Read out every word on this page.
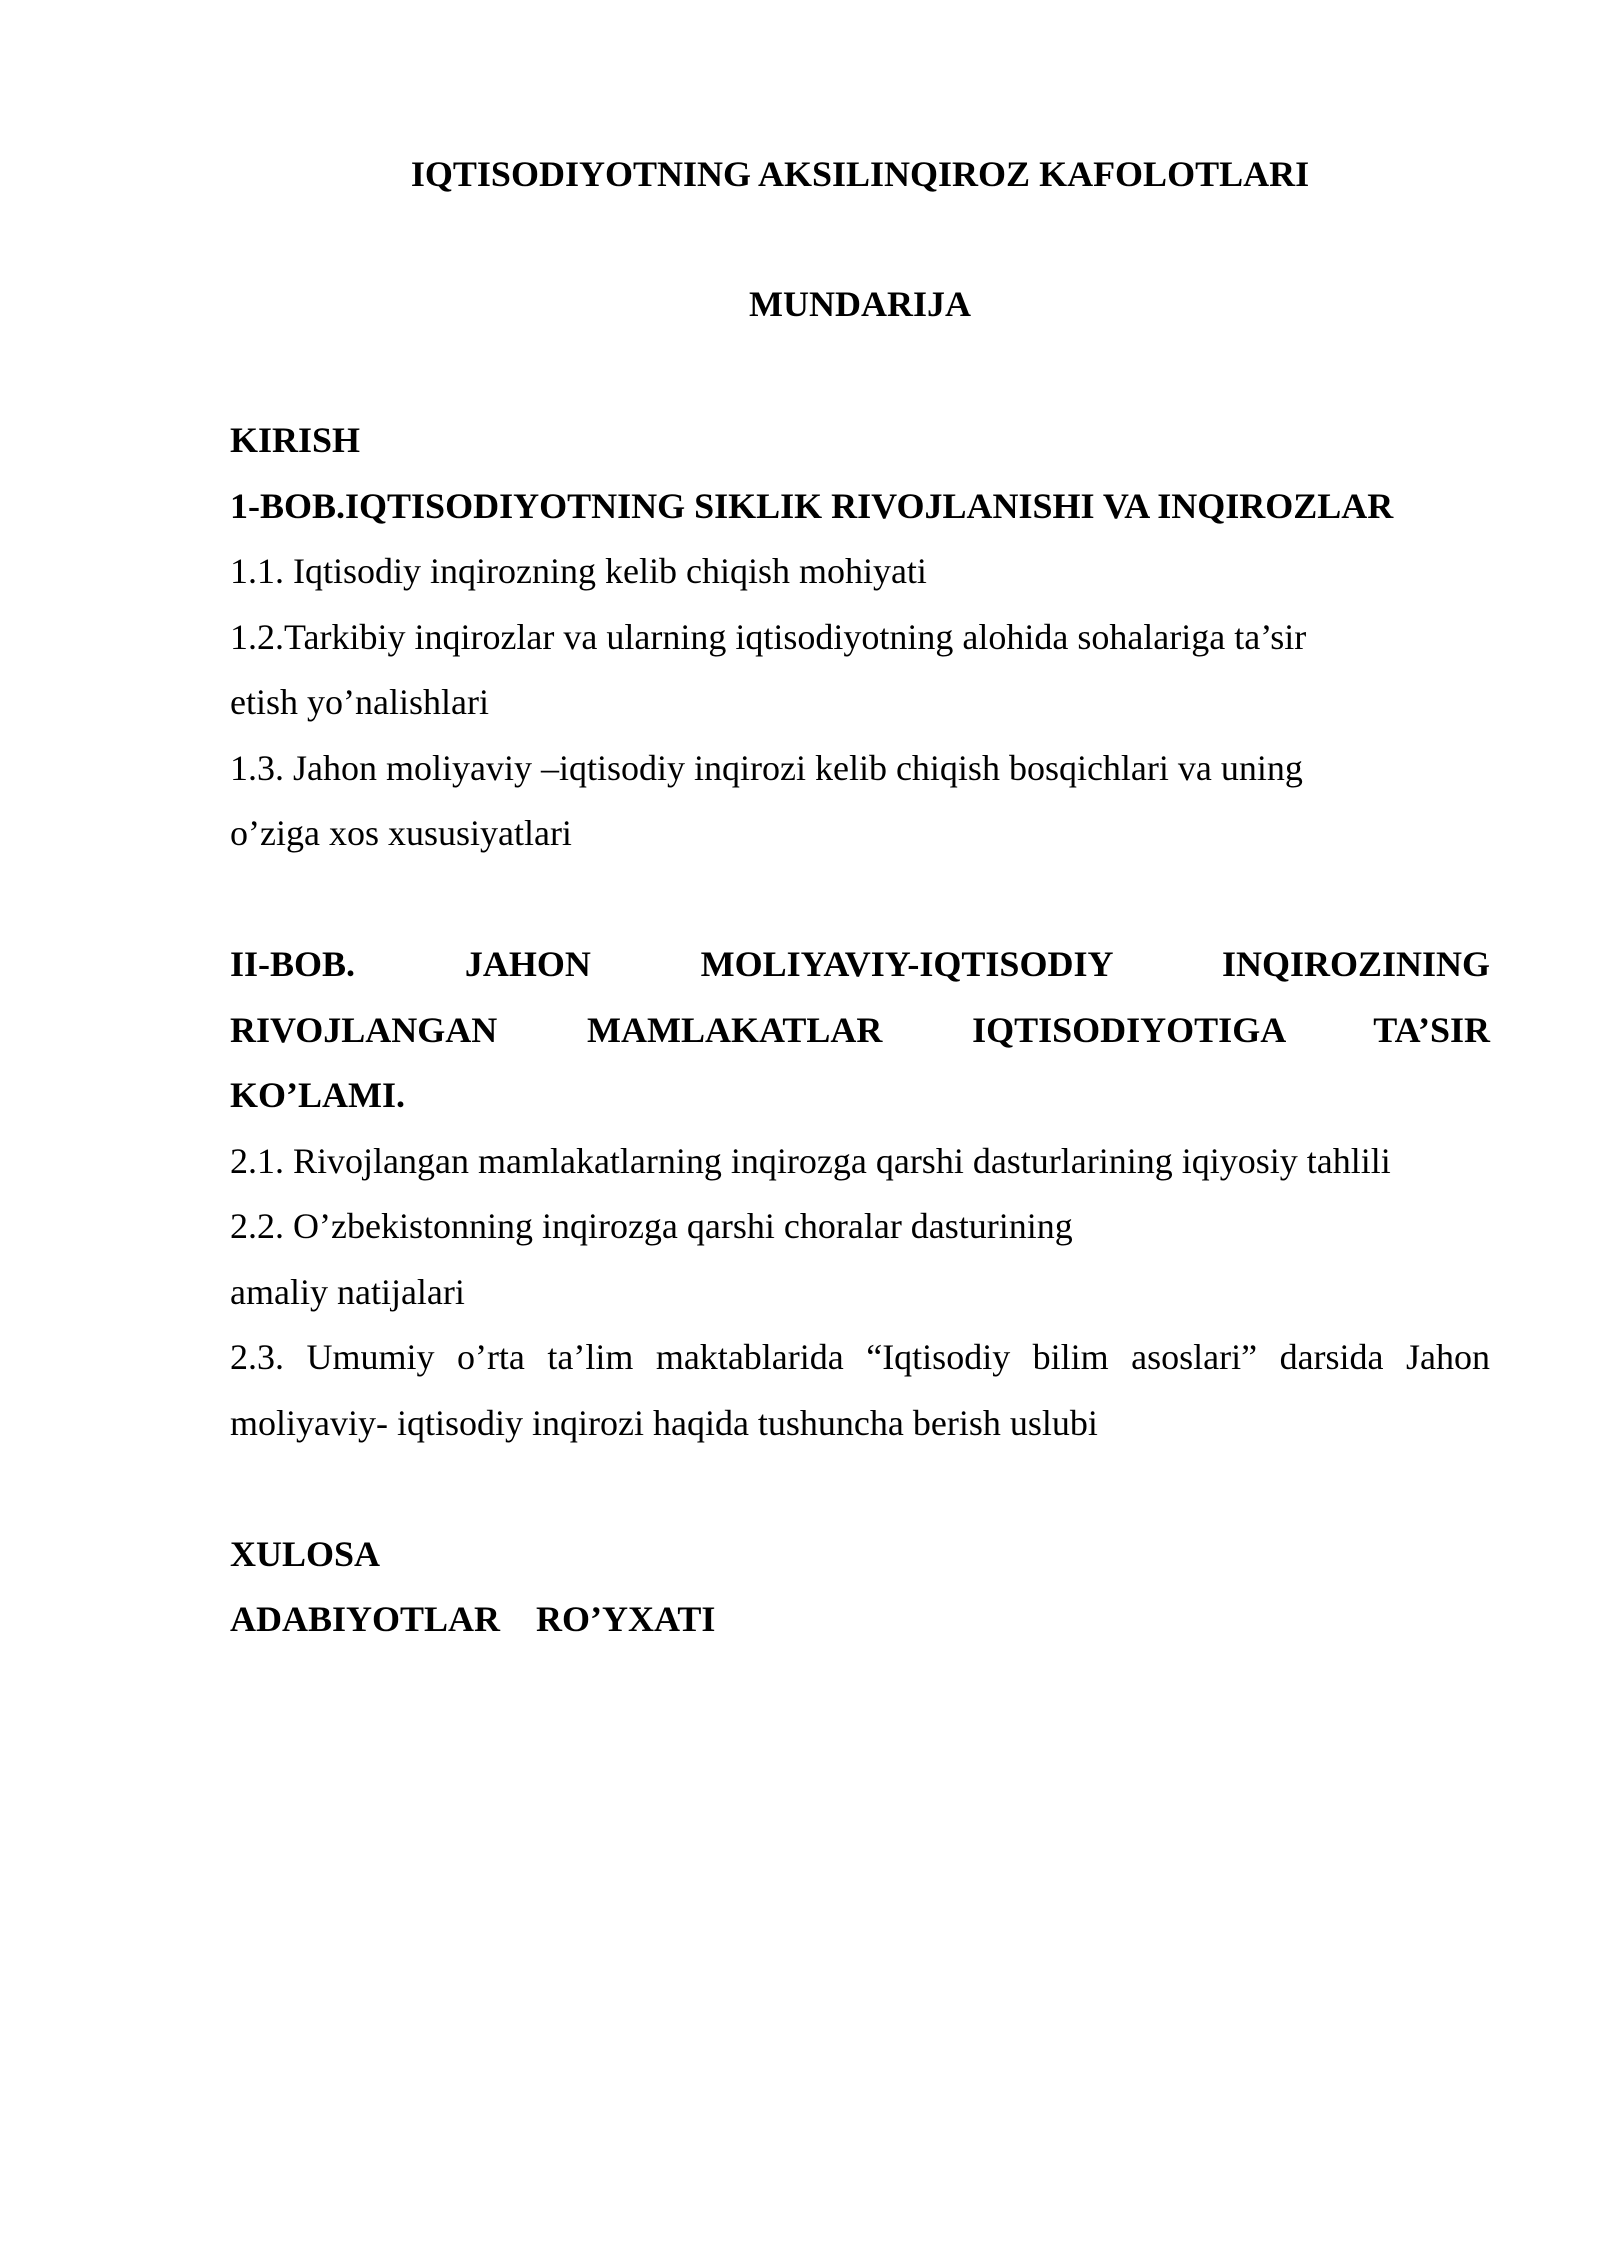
IQTISODIYOTNING AKSILINQIROZ KAFOLOTLARI
MUNDARIJA

KIRISH

1-BOB.IQTISODIYOTNING SIKLIK RIVOJLANISHI VA INQIROZLAR

1.1. Iqtisodiy inqirozning kelib chiqish mohiyati

1.2.Tarkibiy inqirozlar va ularning iqtisodiyotning alohida sohalariga ta’sir

etish yo’nalishlari

1.3. Jahon moliyaviy –iqtisodiy inqirozi kelib chiqish bosqichlari va uning

o’ziga xos xususiyatlari

II-BOB. JAHON MOLIYAVIY-IQTISODIY INQIROZINING

RIVOJLANGAN MAMLAKATLAR IQTISODIYOTIGA TA’SIR

KO’LAMI.

2.1. Rivojlangan mamlakatlarning inqirozga qarshi dasturlarining iqiyosiy tahlili

2.2. O’zbekistonning inqirozga qarshi choralar dasturining

amaliy natijalari

2.3. Umumiy o’rta ta’lim maktablarida “Iqtisodiy bilim asoslari” darsida Jahon

moliyaviy- iqtisodiy inqirozi haqida tushuncha berish uslubi

XULOSA

ADABIYOTLAR    RO’YXATI
